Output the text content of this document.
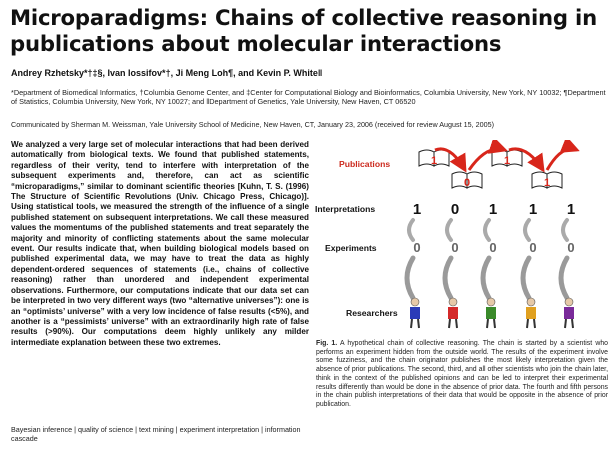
Microparadigms: Chains of collective reasoning in publications about molecular interactions
Andrey Rzhetsky*†‡§, Ivan Iossifov*†, Ji Meng Loh¶, and Kevin P. White‖
*Department of Biomedical Informatics, †Columbia Genome Center, and ‡Center for Computational Biology and Bioinformatics, Columbia University, New York, NY 10032; ¶Department of Statistics, Columbia University, New York, NY 10027; and ‖Department of Genetics, Yale University, New Haven, CT 06520
Communicated by Sherman M. Weissman, Yale University School of Medicine, New Haven, CT, January 23, 2006 (received for review August 15, 2005)
We analyzed a very large set of molecular interactions that had been derived automatically from biological texts. We found that published statements, regardless of their verity, tend to interfere with interpretation of the subsequent experiments and, therefore, can act as scientific “microparadigms,” similar to dominant scientific theories [Kuhn, T. S. (1996) The Structure of Scientific Revolutions (Univ. Chicago Press, Chicago)]. Using statistical tools, we measured the strength of the influence of a single published statement on subsequent interpretations. We call these measured values the momentums of the published statements and treat separately the majority and minority of conflicting statements about the same molecular event. Our results indicate that, when building biological models based on published experimental data, we may have to treat the data as highly dependent-ordered sequences of statements (i.e., chains of collective reasoning) rather than unordered and independent experimental observations. Furthermore, our computations indicate that our data set can be interpreted in two very different ways (two “alternative universes”): one is an “optimists’ universe” with a very low incidence of false results (<5%), and another is a “pessimists’ universe” with an extraordinarily high rate of false results (>90%). Our computations deem highly unlikely any milder intermediate explanation between these two extremes.
Bayesian inference | quality of science | text mining | experiment interpretation | information cascade
Publications
Interpretations
Experiments
Researchers
1
0
1
1
1 0 1 1 1
0 0 0	0 0
Fig. 1. A hypothetical chain of collective reasoning. The chain is started by a scientist who performs an experiment hidden from the outside world. The results of the experiment involve some fuzziness, and the chain originator publishes the most likely interpretation given the absence of prior publications. The second, third, and all other scientists who join the chain later, think in the context of the published opinions and can be led to interpret their experimental results differently than would be done in the absence of prior data. The fourth and fifth persons in the chain publish interpretations of their data that would be opposite in the absence of prior publication.
